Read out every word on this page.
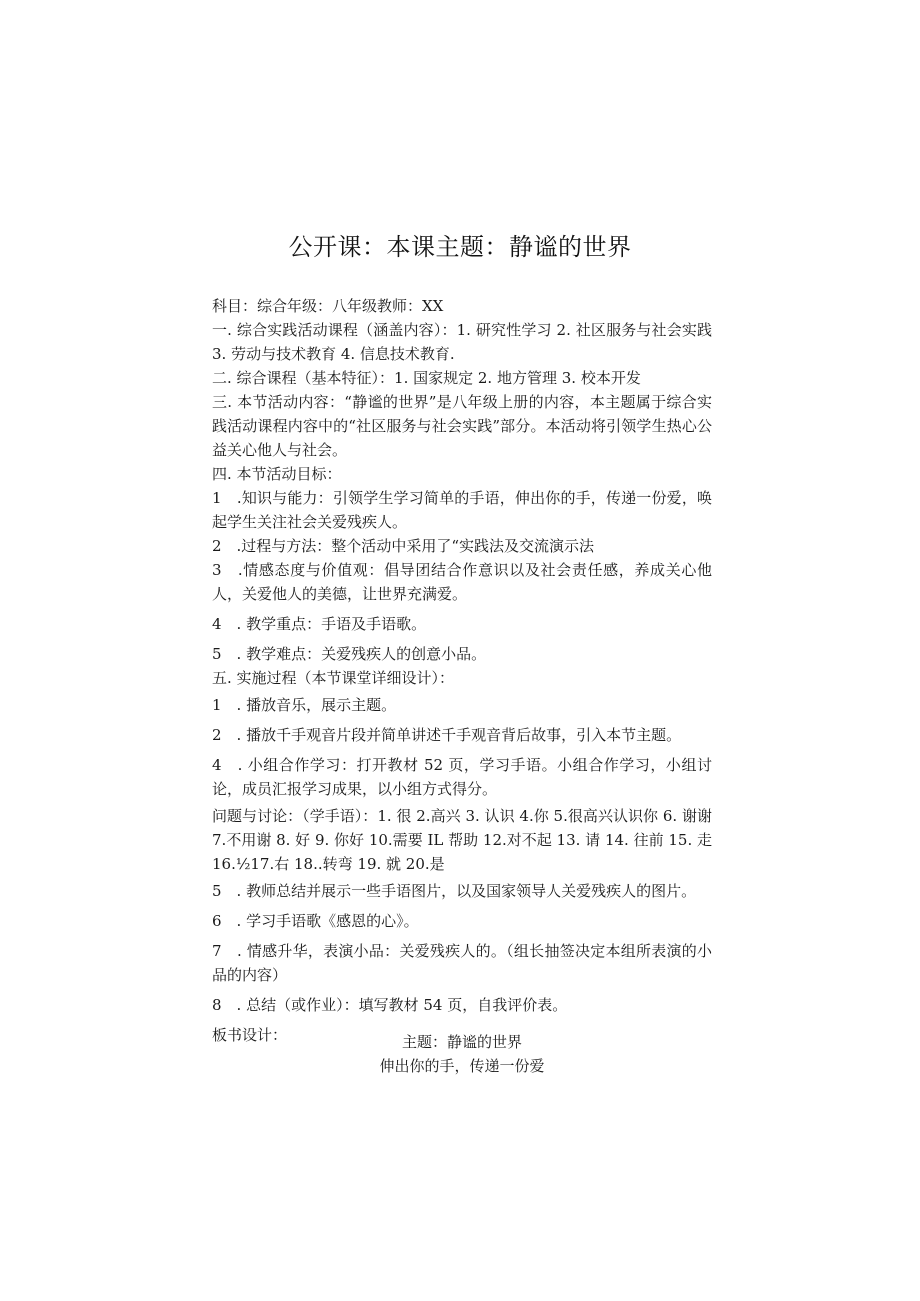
公开课：本课主题：静谧的世界

科目：综合年级：八年级教师：XX

一. 综合实践活动课程（涵盖内容）：1. 研究性学习 2. 社区服务与社会实践 3. 劳动与技术教育 4. 信息技术教育.

二. 综合课程（基本特征）：1. 国家规定 2. 地方管理 3. 校本开发

三. 本节活动内容：“静谧的世界”是八年级上册的内容，本主题属于综合实践活动课程内容中的“社区服务与社会实践”部分。本活动将引领学生热心公益关心他人与社会。

四. 本节活动目标：

1　.知识与能力：引领学生学习简单的手语，伸出你的手，传递一份爱，唤起学生关注社会关爱残疾人。

2　.过程与方法：整个活动中采用了“实践法及交流演示法

3　.情感态度与价值观：倡导团结合作意识以及社会责任感，养成关心他人，关爱他人的美德，让世界充满爱。

4　. 教学重点：手语及手语歌。

5　. 教学难点：关爱残疾人的创意小品。

五. 实施过程（本节课堂详细设计）：

1　. 播放音乐，展示主题。

2　. 播放千手观音片段并简单讲述千手观音背后故事，引入本节主题。

4　. 小组合作学习：打开教材 52 页，学习手语。小组合作学习，小组讨论，成员汇报学习成果，以小组方式得分。

问题与讨论：（学手语）：1. 很 2.高兴 3. 认识 4.你 5.很高兴认识你 6. 谢谢 7.不用谢 8. 好 9. 你好 10.需要 IL 帮助 12.对不起 13. 请 14. 往前 15. 走 16.½17.右 18..转弯 19. 就 20.是

5　. 教师总结并展示一些手语图片，以及国家领导人关爱残疾人的图片。

6　. 学习手语歌《感恩的心》。

7　. 情感升华，表演小品：关爱残疾人的。（组长抽签决定本组所表演的小品的内容）

8　. 总结（或作业）：填写教材 54 页，自我评价表。

板书设计：	主题：静谧的世界

伸出你的手，传递一份爱
